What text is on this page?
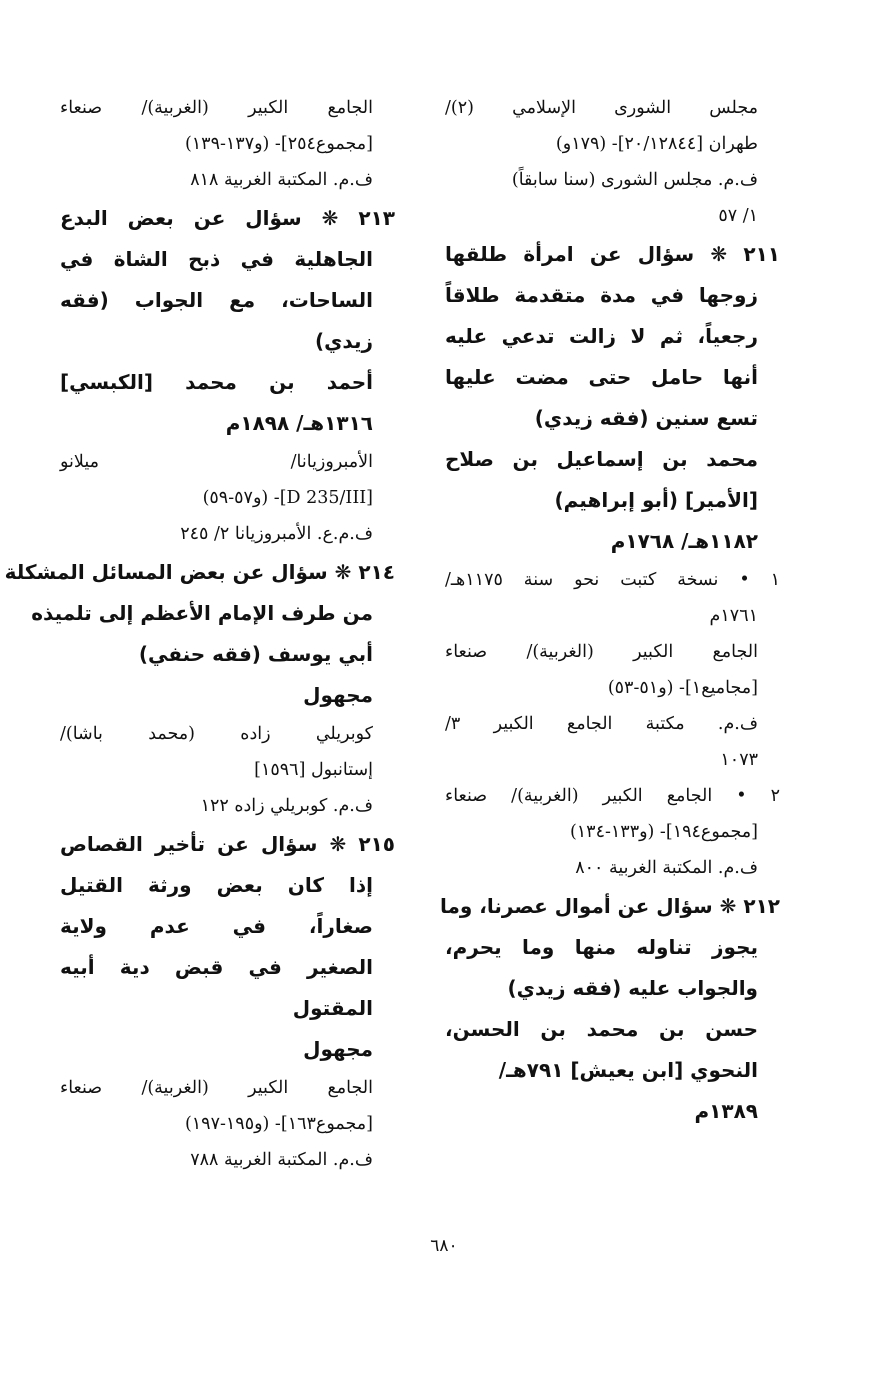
مجلس الشورى الإسلامي (٢)/
طهران [٢٠/١٢٨٤٤]- (١٧٩و)
ف.م. مجلس الشورى (سنا سابقاً)
١/ ٥٧
٢١١ ❋ سؤال عن امرأة طلقها
زوجها في مدة متقدمة طلاقاً
رجعياً، ثم لا زالت تدعي عليه
أنها حامل حتى مضت عليها
تسع سنين (فقه زيدي)
محمد بن إسماعيل بن صلاح
[الأمير] (أبو إبراهيم)
١١٨٢هـ/ ١٧٦٨م
١ • نسخة كتبت نحو سنة ١١٧٥هـ/
١٧٦١م
الجامع الكبير (الغربية)/ صنعاء
[مجاميع١]- (و٥١-٥٣)
ف.م. مكتبة الجامع الكبير ٣/
١٠٧٣
٢ • الجامع الكبير (الغربية)/ صنعاء
[مجموع١٩٤]- (و١٣٣-١٣٤)
ف.م. المكتبة الغربية ٨٠٠
٢١٢ ❋ سؤال عن أموال عصرنا، وما
يجوز تناوله منها وما يحرم،
والجواب عليه (فقه زيدي)
حسن بن محمد بن الحسن،
النحوي [ابن يعيش] ٧٩١هـ/
١٣٨٩م
الجامع الكبير (الغربية)/ صنعاء
[مجموع٢٥٤]- (و١٣٧-١٣٩)
ف.م. المكتبة الغربية ٨١٨
٢١٣ ❋ سؤال عن بعض البدع
الجاهلية في ذبح الشاة في
الساحات، مع الجواب (فقه
زيدي)
أحمد بن محمد [الكبسي]
١٣١٦هـ/ ١٨٩٨م
الأمبروزيانا/ ميلانو
[D 235/III]- (و٥٧-٥٩)
ف.م.ع. الأمبروزيانا ٢/ ٢٤٥
٢١٤ ❋ سؤال عن بعض المسائل المشكلة
من طرف الإمام الأعظم إلى تلميذه
أبي يوسف (فقه حنفي)
مجهول
كوبريلي زاده (محمد باشا)/
إستانبول [١٥٩٦]
ف.م. كوبريلي زاده ١٢٢
٢١٥ ❋ سؤال عن تأخير القصاص
إذا كان بعض ورثة القتيل
صغاراً، في عدم ولاية
الصغير في قبض دية أبيه
المقتول
مجهول
الجامع الكبير (الغربية)/ صنعاء
[مجموع١٦٣]- (و١٩٥-١٩٧)
ف.م. المكتبة الغربية ٧٨٨
٦٨٠
